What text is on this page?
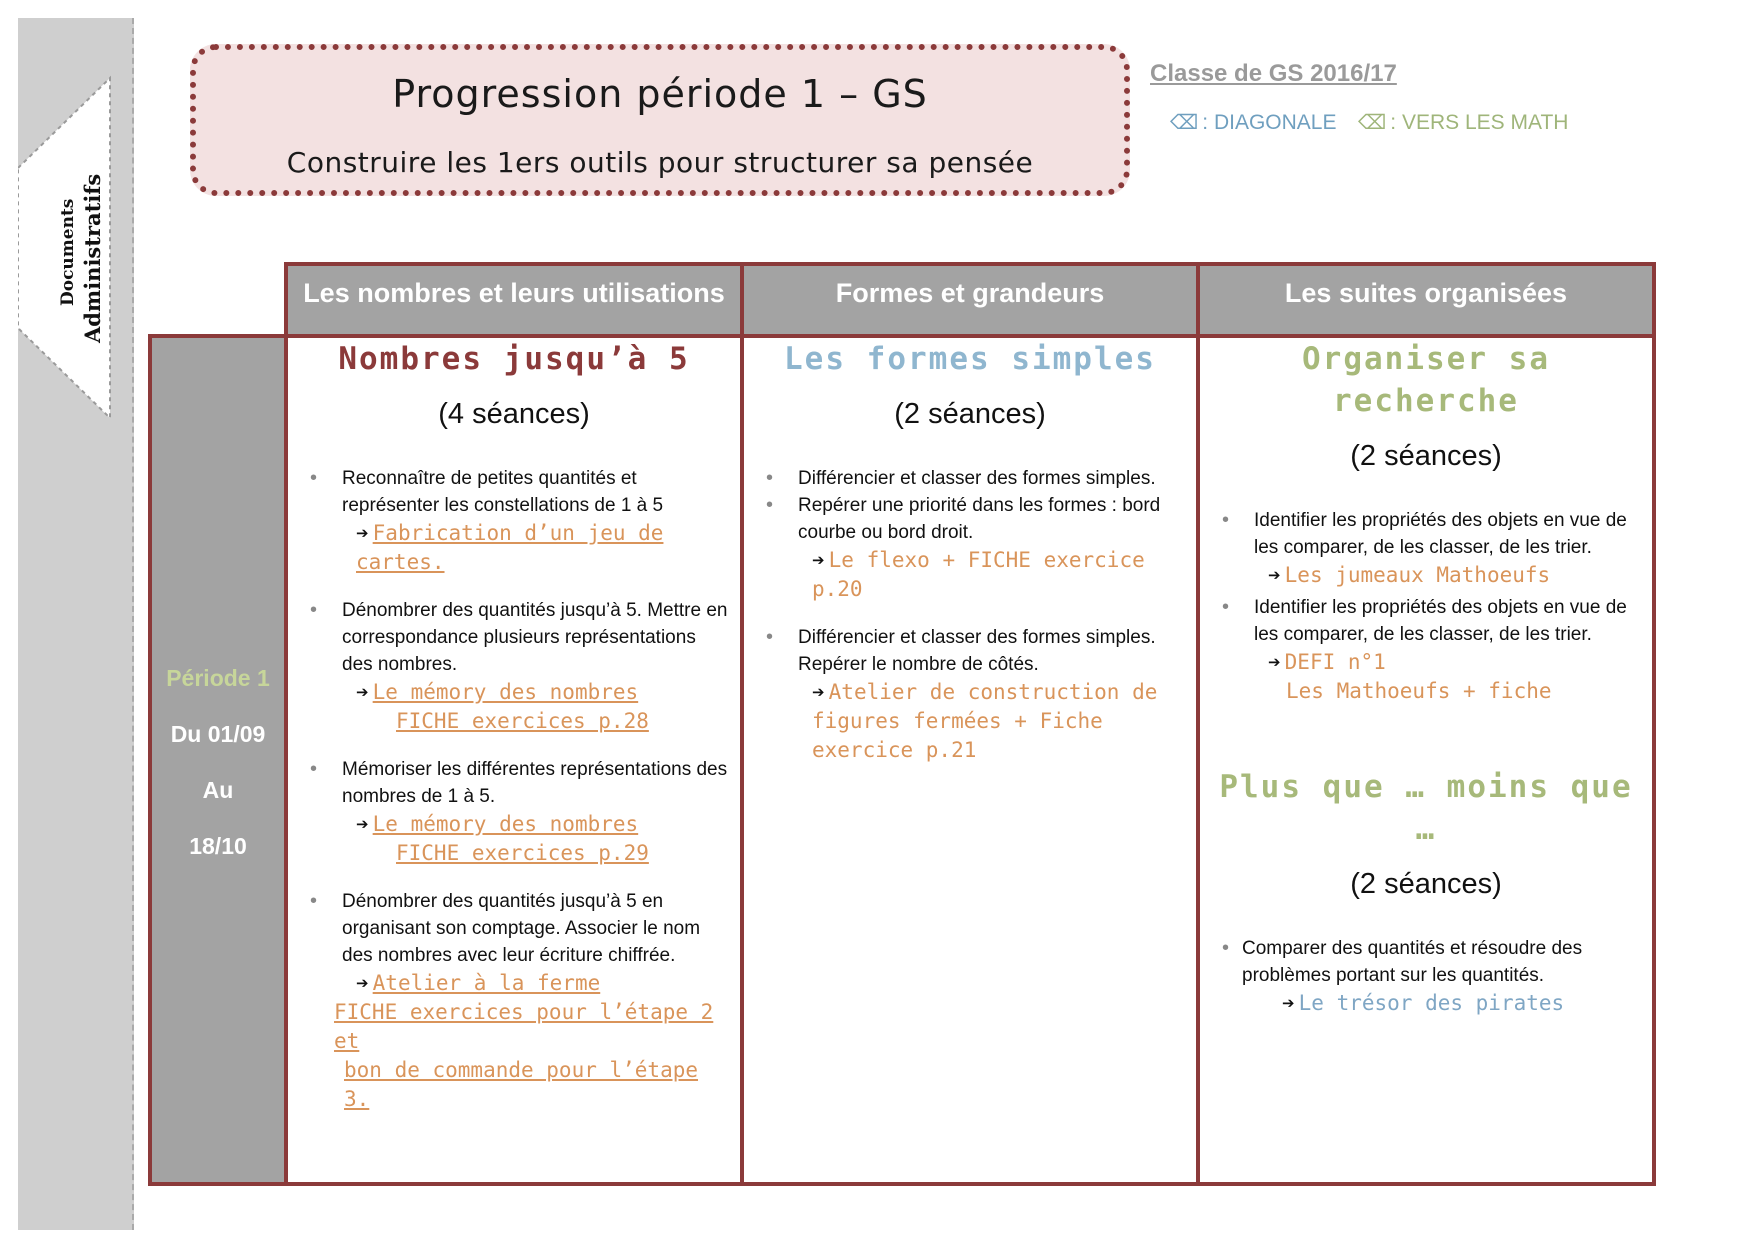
Documents Administratifs
Progression période 1 – GS
Construire les 1ers outils pour structurer sa pensée
Classe de GS 2016/17
⌫ : DIAGONALE ⌫ : VERS LES MATH
Les nombres et leurs utilisations	Formes et grandeurs	Les suites organisées
Période 1
Du 01/09
Au
18/10
Nombres jusqu’à 5
(4 séances)
• Reconnaître de petites quantités et représenter les constellations de 1 à 5
➔ Fabrication d’un jeu de cartes.
• Dénombrer des quantités jusqu’à 5. Mettre en correspondance plusieurs représentations des nombres.
➔ Le mémory des nombres
FICHE exercices p.28
• Mémoriser les différentes représentations des nombres de 1 à 5.
➔ Le mémory des nombres
FICHE exercices p.29
• Dénombrer des quantités jusqu’à 5 en organisant son comptage. Associer le nom des nombres avec leur écriture chiffrée.
➔ Atelier à la ferme
FICHE exercices pour l’étape 2 et
bon de commande pour l’étape 3.
Les formes simples
(2 séances)
• Différencier et classer des formes simples.
• Repérer une priorité dans les formes : bord courbe ou bord droit.
➔ Le flexo + FICHE exercice p.20
• Différencier et classer des formes simples. Repérer le nombre de côtés.
➔ Atelier de construction de figures fermées + Fiche exercice p.21
Organiser sa recherche
(2 séances)
• Identifier les propriétés des objets en vue de les comparer, de les classer, de les trier.
➔ Les jumeaux Mathoeufs
• Identifier les propriétés des objets en vue de les comparer, de les classer, de les trier.
➔ DEFI n°1
Les Mathoeufs + fiche
Plus que … moins que …
(2 séances)
• Comparer des quantités et résoudre des problèmes portant sur les quantités.
➔ Le trésor des pirates
